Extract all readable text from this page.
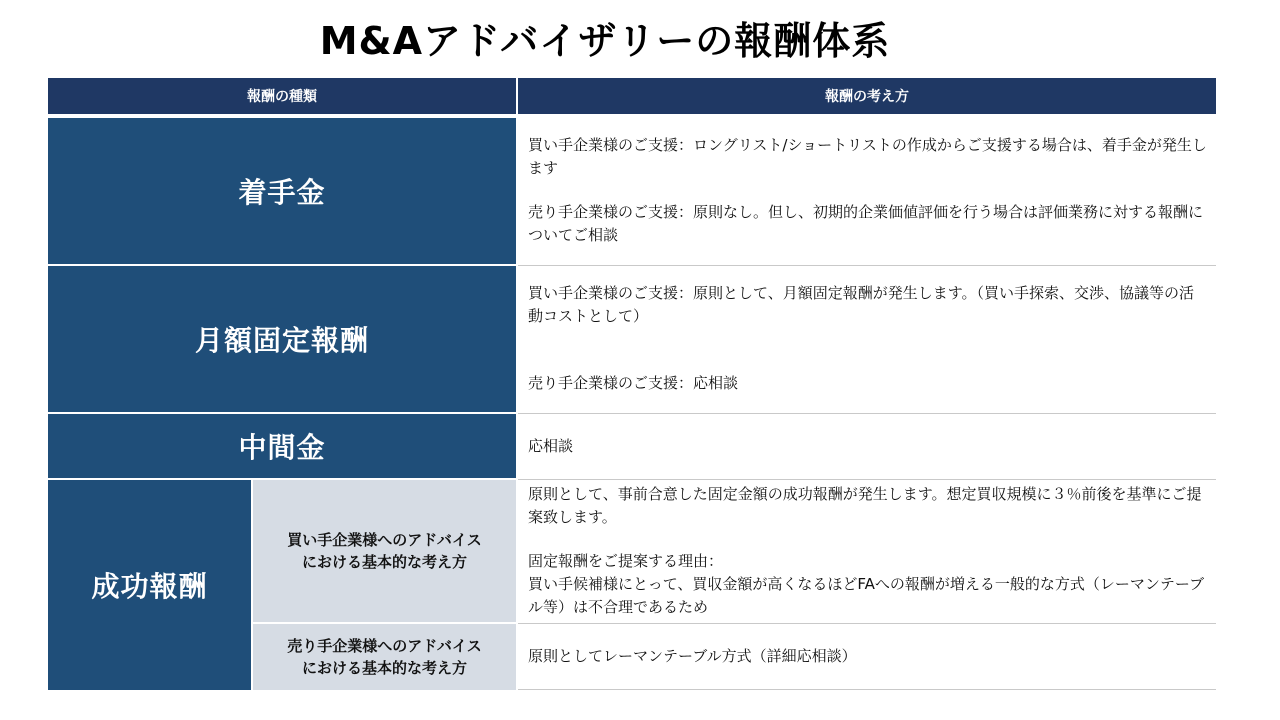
M&Aアドバイザリーの報酬体系
報酬の種類	報酬の考え方
着手金
買い手企業様のご支援：ロングリスト/ショートリストの作成からご支援する場合は、着手金が発生します
売り手企業様のご支援：原則なし。但し、初期的企業価値評価を行う場合は評価業務に対する報酬についてご相談
月額固定報酬
買い手企業様のご支援：原則として、月額固定報酬が発生します。（買い手探索、交渉、協議等の活動コストとして）
売り手企業様のご支援：応相談
中間金	応相談
成功報酬
買い手企業様へのアドバイス
における基本的な考え方
原則として、事前合意した固定金額の成功報酬が発生します。想定買収規模に３％前後を基準にご提案致します。
固定報酬をご提案する理由：
買い手候補様にとって、買収金額が高くなるほどFAへの報酬が増える一般的な方式（レーマンテーブル等）は不合理であるため
売り手企業様へのアドバイス
における基本的な考え方
原則としてレーマンテーブル方式（詳細応相談）
